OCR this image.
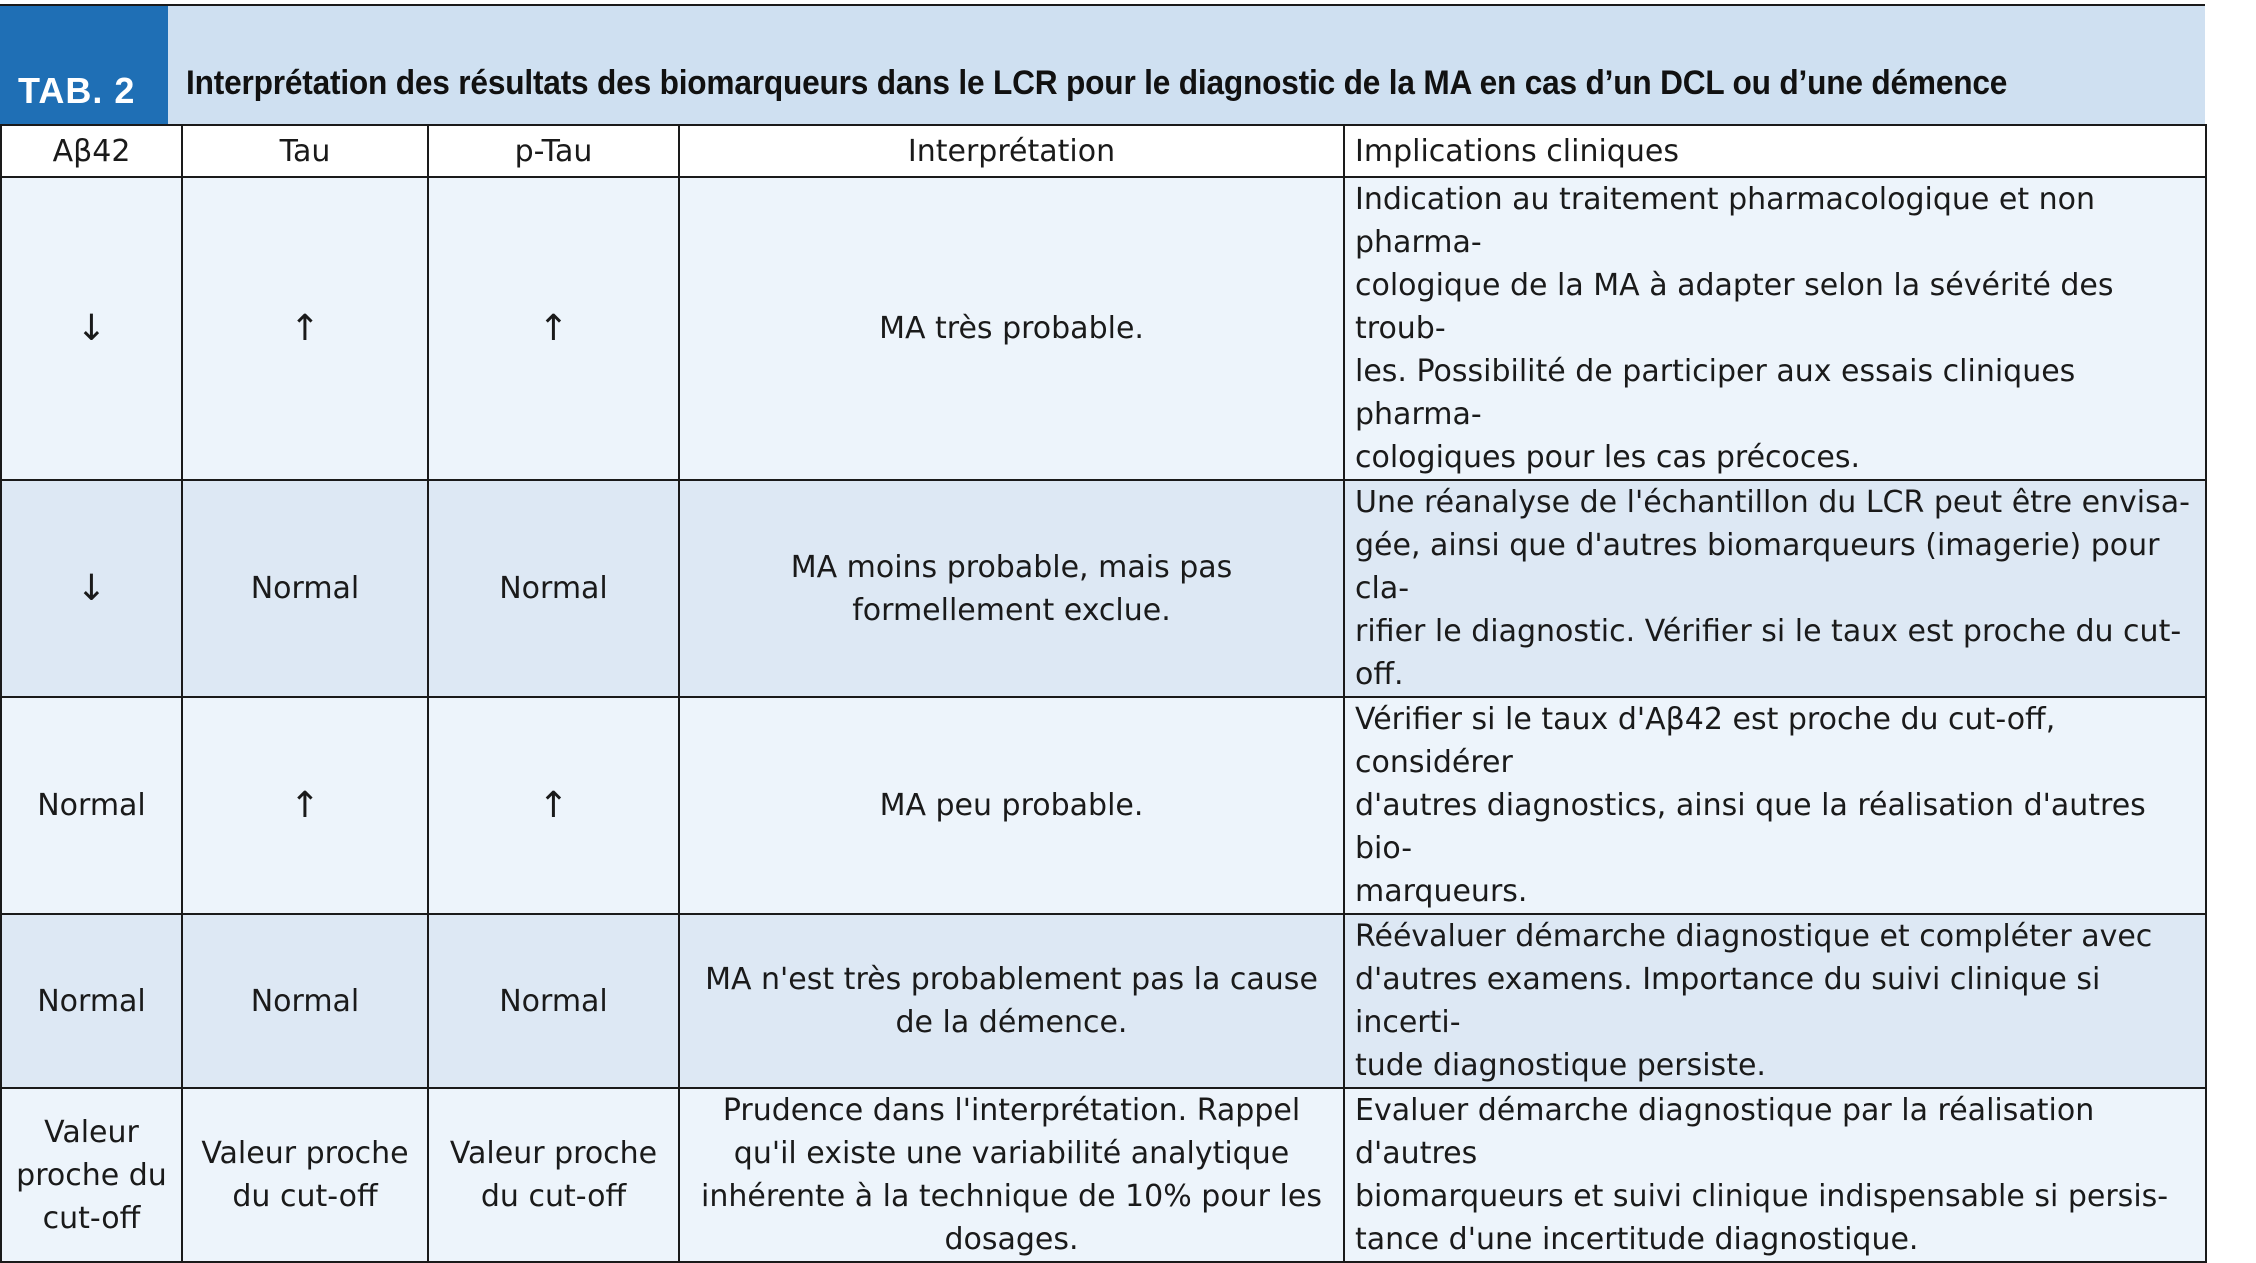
TAB. 2	Interprétation des résultats des biomarqueurs dans le LCR pour le diagnostic de la MA en cas d’un DCL ou d’une démence
Aβ42	Tau	p-Tau	Interprétation	Implications cliniques
↓	↑	↑	MA très probable.	Indication au traitement pharmacologique et non pharma-
cologique de la MA à adapter selon la sévérité des troub-
les. Possibilité de participer aux essais cliniques pharma-
cologiques pour les cas précoces.

↓	Normal	Normal	MA moins probable, mais pas formellement exclue.	Une réanalyse de l'échantillon du LCR peut être envisa-
gée, ainsi que d'autres biomarqueurs (imagerie) pour cla-
rifier le diagnostic. Vérifier si le taux est proche du cut-off.

Normal	↑	↑	MA peu probable.	Vérifier si le taux d'Aβ42 est proche du cut-off, considérer
d'autres diagnostics, ainsi que la réalisation d'autres bio-
marqueurs.

Normal	Normal	Normal	MA n'est très probablement pas la cause de la démence.	Réévaluer démarche diagnostique et compléter avec
d'autres examens. Importance du suivi clinique si incerti-
tude diagnostique persiste.

Valeur proche du cut-off	Valeur proche du cut-off	Valeur proche du cut-off	Prudence dans l'interprétation. Rappel qu'il existe une variabilité analytique inhérente à la technique de 10% pour les dosages.	Evaluer démarche diagnostique par la réalisation d'autres
biomarqueurs et suivi clinique indispensable si persis-
tance d'une incertitude diagnostique.
